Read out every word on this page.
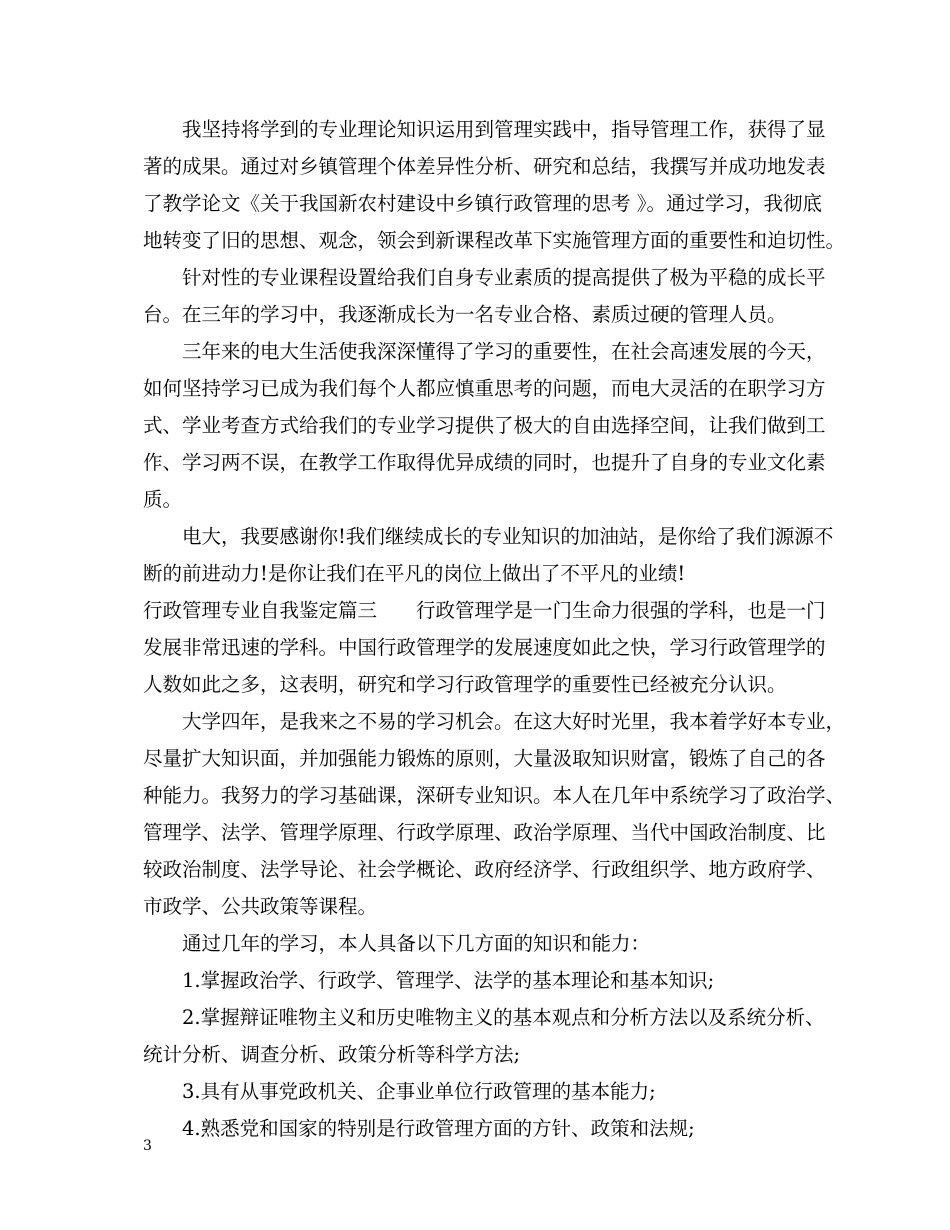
　　我坚持将学到的专业理论知识运用到管理实践中，指导管理工作，获得了显
著的成果。通过对乡镇管理个体差异性分析、研究和总结，我撰写并成功地发表
了教学论文《关于我国新农村建设中乡镇行政管理的思考 》。通过学习，我彻底
地转变了旧的思想、观念，领会到新课程改革下实施管理方面的重要性和迫切性。
　　针对性的专业课程设置给我们自身专业素质的提高提供了极为平稳的成长平
台。在三年的学习中，我逐渐成长为一名专业合格、素质过硬的管理人员。
　　三年来的电大生活使我深深懂得了学习的重要性，在社会高速发展的今天，
如何坚持学习已成为我们每个人都应慎重思考的问题，而电大灵活的在职学习方
式、学业考查方式给我们的专业学习提供了极大的自由选择空间，让我们做到工
作、学习两不误，在教学工作取得优异成绩的同时，也提升了自身的专业文化素
质。
　　电大，我要感谢你!我们继续成长的专业知识的加油站，是你给了我们源源不
断的前进动力!是你让我们在平凡的岗位上做出了不平凡的业绩!
行政管理专业自我鉴定篇三　　行政管理学是一门生命力很强的学科，也是一门
发展非常迅速的学科。中国行政管理学的发展速度如此之快，学习行政管理学的
人数如此之多，这表明，研究和学习行政管理学的重要性已经被充分认识。
　　大学四年，是我来之不易的学习机会。在这大好时光里，我本着学好本专业，
尽量扩大知识面，并加强能力锻炼的原则，大量汲取知识财富，锻炼了自己的各
种能力。我努力的学习基础课，深研专业知识。本人在几年中系统学习了政治学、
管理学、法学、管理学原理、行政学原理、政治学原理、当代中国政治制度、比
较政治制度、法学导论、社会学概论、政府经济学、行政组织学、地方政府学、
市政学、公共政策等课程。
　　通过几年的学习，本人具备以下几方面的知识和能力：
　　1.掌握政治学、行政学、管理学、法学的基本理论和基本知识;
　　2.掌握辩证唯物主义和历史唯物主义的基本观点和分析方法以及系统分析、
统计分析、调查分析、政策分析等科学方法;
　　3.具有从事党政机关、企事业单位行政管理的基本能力;
　　4.熟悉党和国家的特别是行政管理方面的方针、政策和法规;
3
